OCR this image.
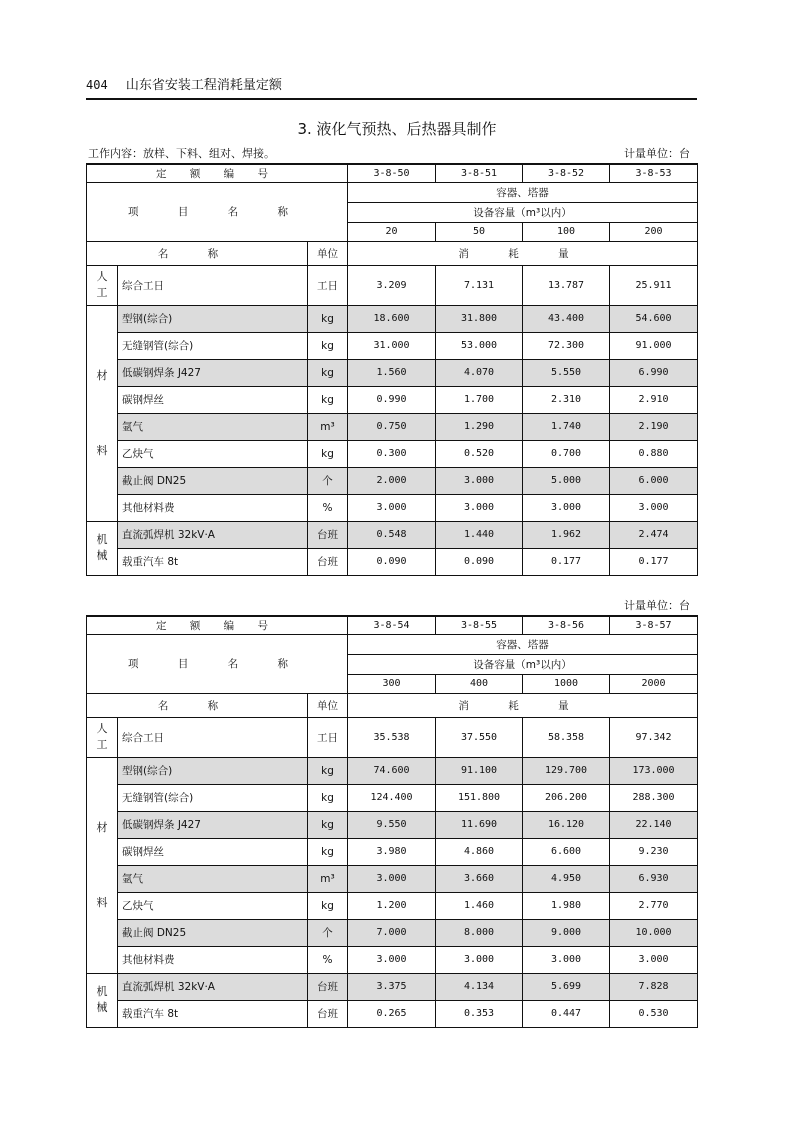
404 山东省安装工程消耗量定额
3. 液化气预热、后热器具制作
工作内容：放样、下料、组对、焊接。	计量单位：台
定 额 编 号			3-8-50	3-8-51	3-8-52	3-8-53
项 目 名 称			容器、塔器			
			设备容量（m³以内）			
			20	50	100	200
名 称		单位	消 耗 量			
人工	综合工日	工日	3.209	7.131	13.787	25.911

材
料	型钢(综合)	kg	18.600	31.800	43.400	54.600
	无缝钢管(综合)	kg	31.000	53.000	72.300	91.000
	低碳钢焊条 J427	kg	1.560	4.070	5.550	6.990
	碳钢焊丝	kg	0.990	1.700	2.310	2.910
	氩气	m³	0.750	1.290	1.740	2.190
	乙炔气	kg	0.300	0.520	0.700	0.880
	截止阀 DN25	个	2.000	3.000	5.000	6.000
	其他材料费	%	3.000	3.000	3.000	3.000
机械	直流弧焊机 32kV·A	台班	0.548	1.440	1.962	2.474
	载重汽车 8t	台班	0.090	0.090	0.177	0.177
计量单位：台
定 额 编 号			3-8-54	3-8-55	3-8-56	3-8-57
项 目 名 称			容器、塔器			
			设备容量（m³以内）			
			300	400	1000	2000
名 称		单位	消 耗 量			
人工	综合工日	工日	35.538	37.550	58.358	97.342

材
料	型钢(综合)	kg	74.600	91.100	129.700	173.000
	无缝钢管(综合)	kg	124.400	151.800	206.200	288.300
	低碳钢焊条 J427	kg	9.550	11.690	16.120	22.140
	碳钢焊丝	kg	3.980	4.860	6.600	9.230
	氩气	m³	3.000	3.660	4.950	6.930
	乙炔气	kg	1.200	1.460	1.980	2.770
	截止阀 DN25	个	7.000	8.000	9.000	10.000
	其他材料费	%	3.000	3.000	3.000	3.000
机械	直流弧焊机 32kV·A	台班	3.375	4.134	5.699	7.828
	载重汽车 8t	台班	0.265	0.353	0.447	0.530
